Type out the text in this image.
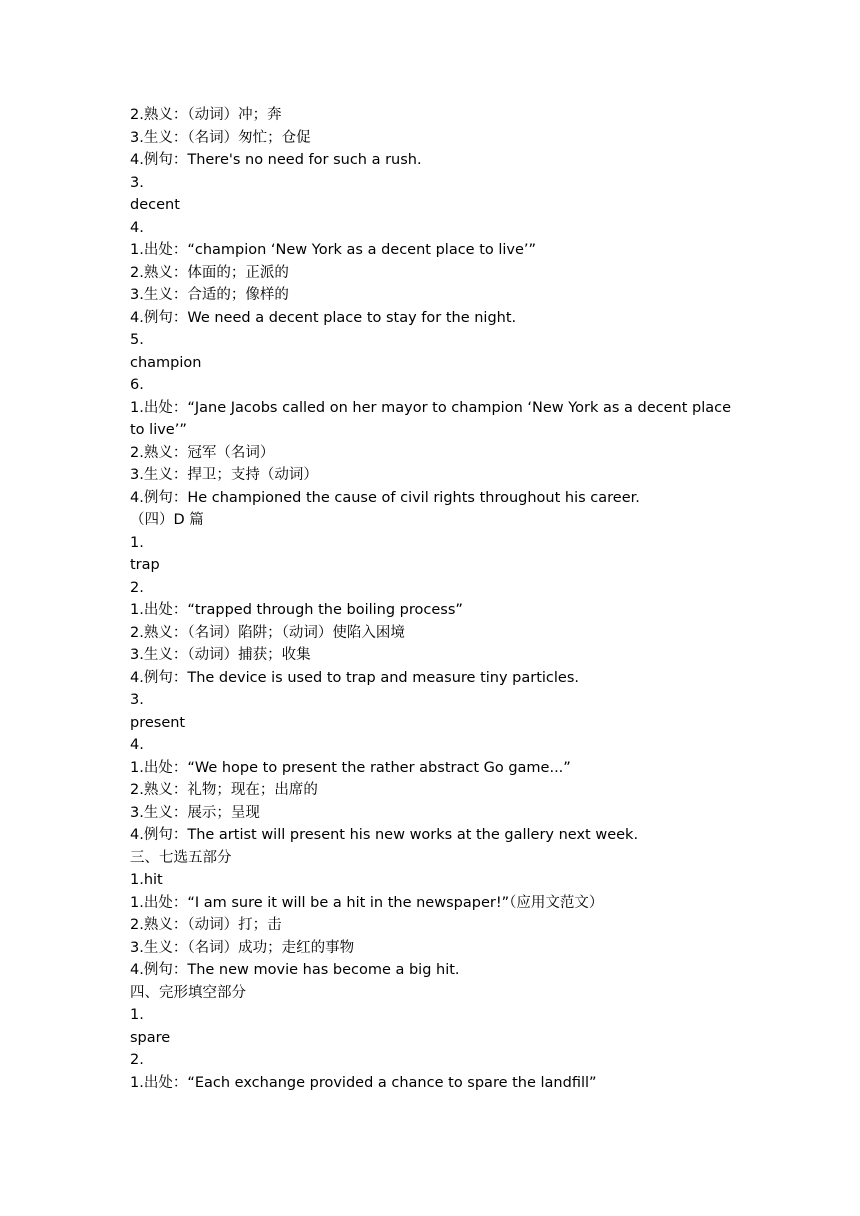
2.熟义：（动词）冲；奔
3.生义：（名词）匆忙；仓促
4.例句：There's no need for such a rush.
3.
decent
4.
1.出处：“champion ‘New York as a decent place to live’”
2.熟义：体面的；正派的
3.生义：合适的；像样的
4.例句：We need a decent place to stay for the night.
5.
champion
6.
1.出处：“Jane Jacobs called on her mayor to champion ‘New York as a decent place to live’”
2.熟义：冠军（名词）
3.生义：捍卫；支持（动词）
4.例句：He championed the cause of civil rights throughout his career.
（四）D 篇
1.
trap
2.
1.出处：“trapped through the boiling process”
2.熟义：（名词）陷阱；（动词）使陷入困境
3.生义：（动词）捕获；收集
4.例句：The device is used to trap and measure tiny particles.
3.
present
4.
1.出处：“We hope to present the rather abstract Go game...”
2.熟义：礼物；现在；出席的
3.生义：展示；呈现
4.例句：The artist will present his new works at the gallery next week.
三、七选五部分
1.hit
1.出处：“I am sure it will be a hit in the newspaper!”（应用文范文）
2.熟义：（动词）打；击
3.生义：（名词）成功；走红的事物
4.例句：The new movie has become a big hit.
四、完形填空部分
1.
spare
2.
1.出处：“Each exchange provided a chance to spare the landfill”
